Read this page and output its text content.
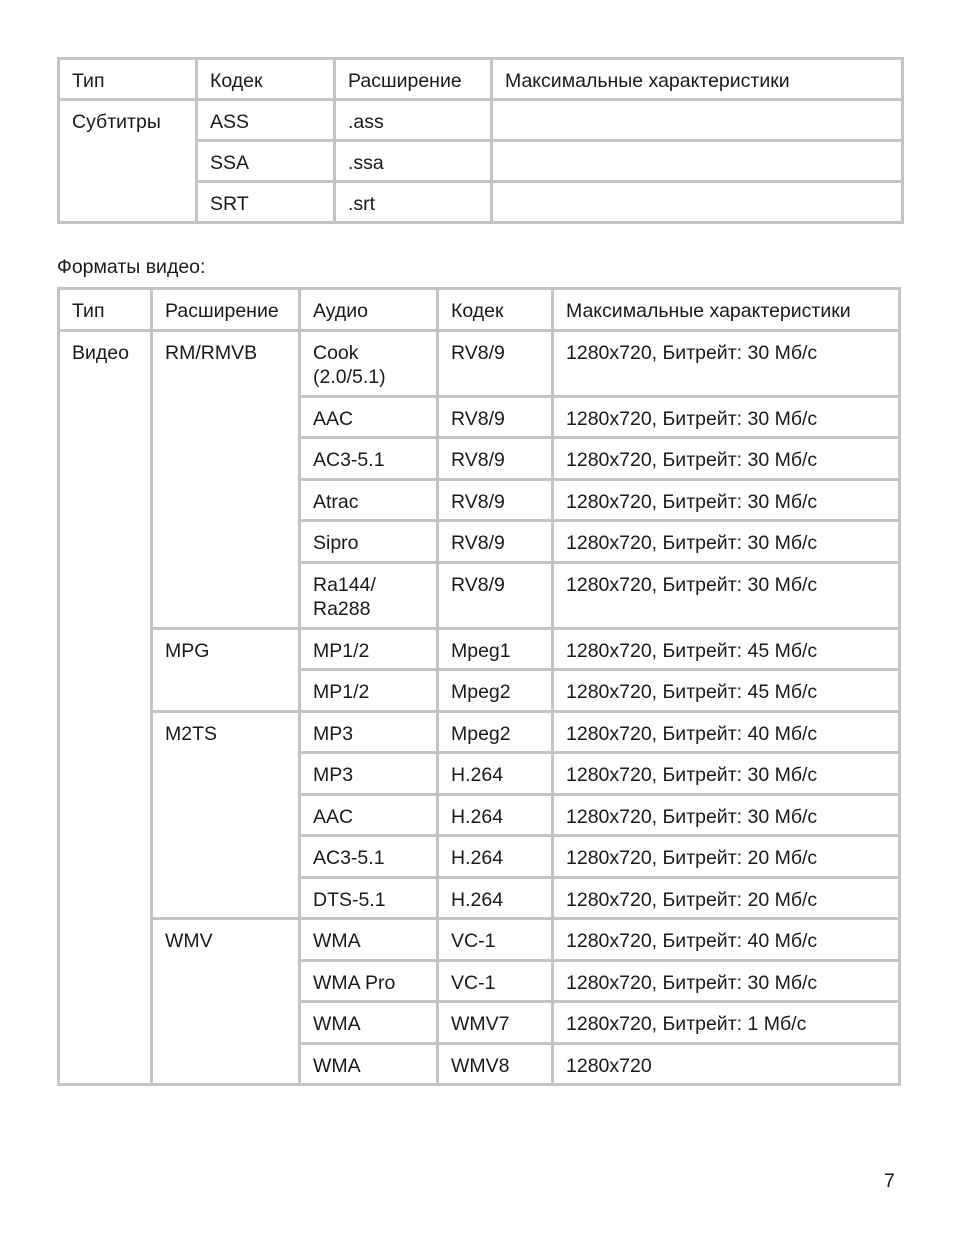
Тип	Кодек	Расширение	Максимальные характеристики
Субтитры	ASS	.ass	
	SSA	.ssa	
	SRT	.srt	
Форматы видео:
Тип	Расширение	Аудио	Кодек	Максимальные характеристики
Видео	RM/RMVB	Cook (2.0/5.1)	RV8/9	1280x720, Битрейт: 30 Мб/с
		AAC	RV8/9	1280x720, Битрейт: 30 Мб/с
		AC3-5.1	RV8/9	1280x720, Битрейт: 30 Мб/с
		Atrac	RV8/9	1280x720, Битрейт: 30 Мб/с
		Sipro	RV8/9	1280x720, Битрейт: 30 Мб/с
		Ra144/ Ra288	RV8/9	1280x720, Битрейт: 30 Мб/с
	MPG	MP1/2	Mpeg1	1280x720, Битрейт: 45 Мб/с
		MP1/2	Mpeg2	1280x720, Битрейт: 45 Мб/с
	M2TS	MP3	Mpeg2	1280x720, Битрейт: 40 Мб/с
		MP3	H.264	1280x720, Битрейт: 30 Мб/с
		AAC	H.264	1280x720, Битрейт: 30 Мб/с
		AC3-5.1	H.264	1280x720, Битрейт: 20 Мб/с
		DTS-5.1	H.264	1280x720, Битрейт: 20 Мб/с
	WMV	WMA	VC-1	1280x720, Битрейт: 40 Мб/с
		WMA Pro	VC-1	1280x720, Битрейт: 30 Мб/с
		WMA	WMV7	1280x720, Битрейт: 1 Мб/с
		WMA	WMV8	1280x720
7
